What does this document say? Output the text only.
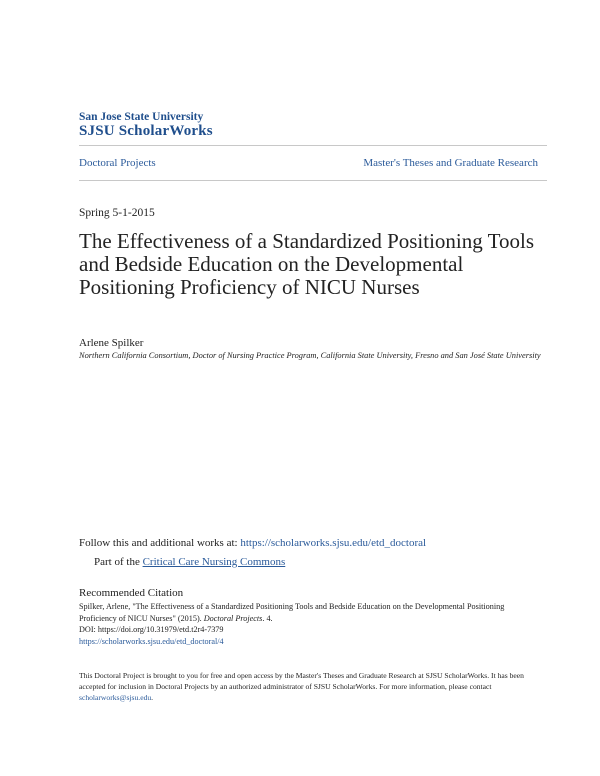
San Jose State University
SJSU ScholarWorks
Doctoral Projects	Master's Theses and Graduate Research
Spring 5-1-2015
The Effectiveness of a Standardized Positioning Tools and Bedside Education on the Developmental Positioning Proficiency of NICU Nurses
Arlene Spilker
Northern California Consortium, Doctor of Nursing Practice Program, California State University, Fresno and San José State University
Follow this and additional works at: https://scholarworks.sjsu.edu/etd_doctoral
Part of the Critical Care Nursing Commons
Recommended Citation
Spilker, Arlene, "The Effectiveness of a Standardized Positioning Tools and Bedside Education on the Developmental Positioning Proficiency of NICU Nurses" (2015). Doctoral Projects. 4.
DOI: https://doi.org/10.31979/etd.t2r4-7379
https://scholarworks.sjsu.edu/etd_doctoral/4
This Doctoral Project is brought to you for free and open access by the Master's Theses and Graduate Research at SJSU ScholarWorks. It has been accepted for inclusion in Doctoral Projects by an authorized administrator of SJSU ScholarWorks. For more information, please contact scholarworks@sjsu.edu.
